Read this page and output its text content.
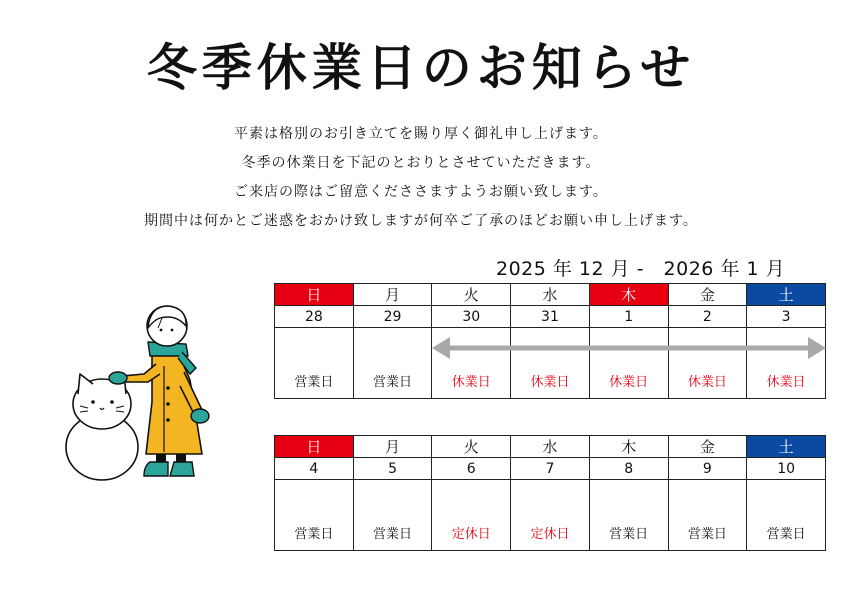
冬季休業日のお知らせ
平素は格別のお引き立てを賜り厚く御礼申し上げます。
冬季の休業日を下記のとおりとさせていただきます。
ご来店の際はご留意くだささますようお願い致します。
期間中は何かとご迷惑をおかけ致しますが何卒ご了承のほどお願い申し上げます。
2025 年 12 月 -　2026 年 1 月
日	月	火	水	木	金	土
28	29	30	31	1	2	3
営業日	営業日	休業日	休業日	休業日	休業日	休業日
日	月	火	水	木	金	土
4	5	6	7	8	9	10
営業日	営業日	定休日	定休日	営業日	営業日	営業日
